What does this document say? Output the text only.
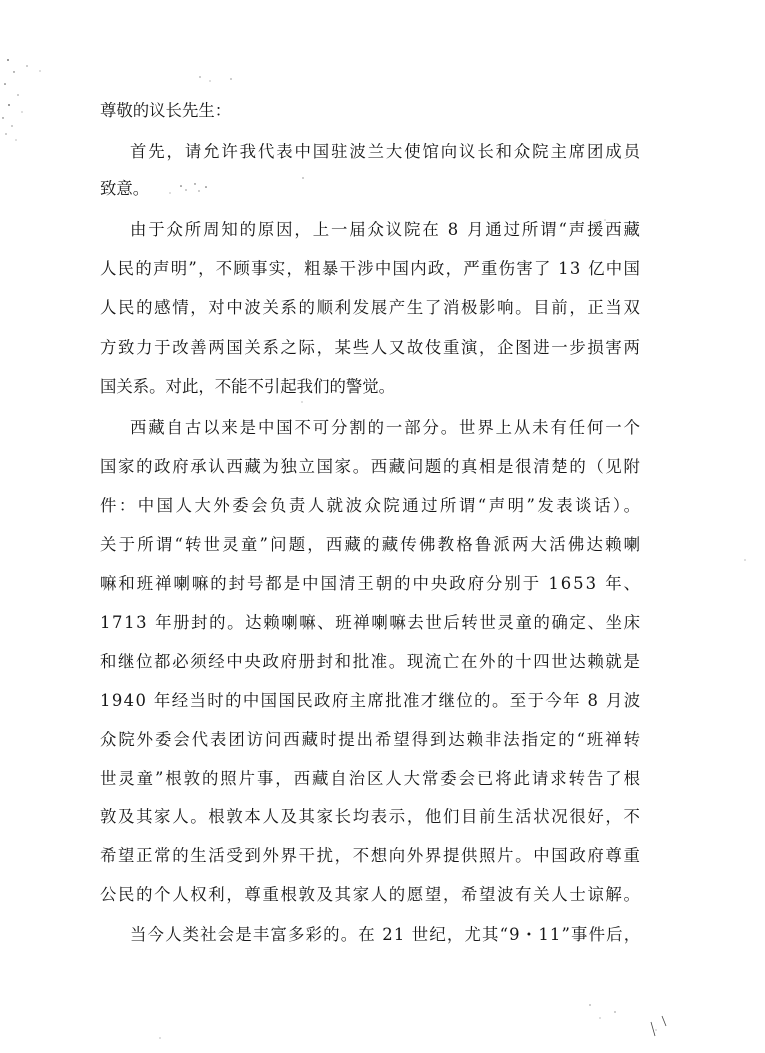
尊敬的议长先生：
首先，请允许我代表中国驻波兰大使馆向议长和众院主席团成员
致意。
由于众所周知的原因，上一届众议院在 8 月通过所谓“声援西藏
人民的声明”，不顾事实，粗暴干涉中国内政，严重伤害了 13 亿中国
人民的感情，对中波关系的顺利发展产生了消极影响。目前，正当双
方致力于改善两国关系之际，某些人又故伎重演，企图进一步损害两
国关系。对此，不能不引起我们的警觉。
西藏自古以来是中国不可分割的一部分。世界上从未有任何一个
国家的政府承认西藏为独立国家。西藏问题的真相是很清楚的（见附
件：中国人大外委会负责人就波众院通过所谓“声明”发表谈话）。
关于所谓“转世灵童”问题，西藏的藏传佛教格鲁派两大活佛达赖喇
嘛和班禅喇嘛的封号都是中国清王朝的中央政府分别于 1653 年、
1713 年册封的。达赖喇嘛、班禅喇嘛去世后转世灵童的确定、坐床
和继位都必须经中央政府册封和批准。现流亡在外的十四世达赖就是
1940 年经当时的中国国民政府主席批准才继位的。至于今年 8 月波
众院外委会代表团访问西藏时提出希望得到达赖非法指定的“班禅转
世灵童”根敦的照片事，西藏自治区人大常委会已将此请求转告了根
敦及其家人。根敦本人及其家长均表示，他们目前生活状况很好，不
希望正常的生活受到外界干扰，不想向外界提供照片。中国政府尊重
公民的个人权利，尊重根敦及其家人的愿望，希望波有关人士谅解。
当今人类社会是丰富多彩的。在 21 世纪，尤其“9・11”事件后，
